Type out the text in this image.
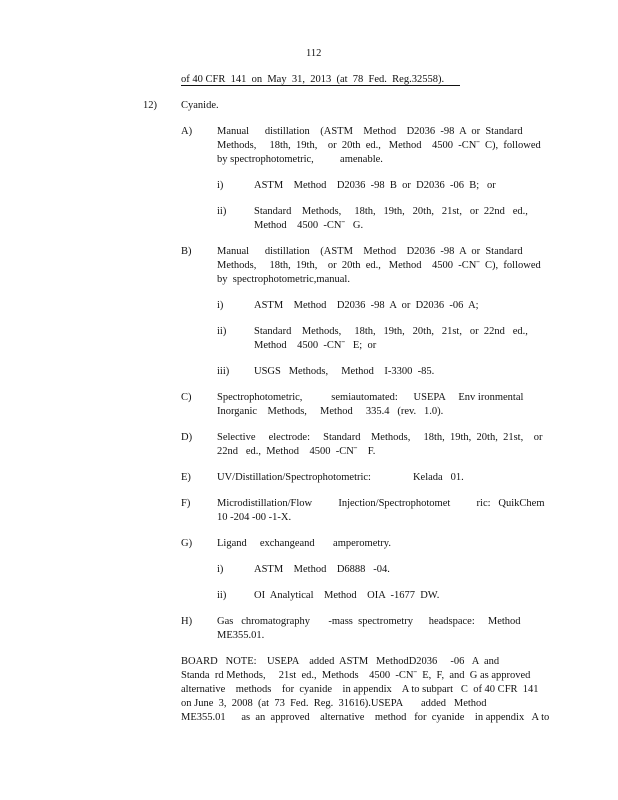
112
of 40 CFR  141  on  May  31,  2013  (at  78  Fed.  Reg.32558).
12) Cyanide.
A) Manual      distillation    (ASTM    Method    D2036  -98  A  or  Standard
Methods,     18th,  19th,    or  20th  ed.,   Method    4500  -CNˉ  C),  followed
by spectrophotometric,          amenable.
i)	ASTM    Method    D2036  -98  B  or  D2036  -06  B;   or
ii)	Standard    Methods,     18th,   19th,   20th,   21st,   or  22nd   ed.,
Method    4500  -CNˉ   G.
B) Manual      distillation    (ASTM    Method    D2036  -98  A  or  Standard
Methods,     18th,  19th,    or  20th  ed.,   Method    4500  -CNˉ  C),  followed
by  spectrophotometric,manual.
i)	ASTM    Method    D2036  -98  A  or  D2036  -06  A;
ii)	Standard    Methods,     18th,   19th,   20th,   21st,   or  22nd   ed.,
Method    4500  -CNˉ   E;  or
iii) USGS   Methods,     Method    I-3300  -85.
C) Spectrophotometric,           semiautomated:      USEPA     Env ironmental
Inorganic    Methods,     Method     335.4   (rev.   1.0).
D) Selective     electrode:     Standard    Methods,     18th,  19th,  20th,  21st,    or
22nd   ed.,  Method    4500  -CNˉ    F.
E) UV/Distillation/Spectrophotometric:                Kelada   01.
F)	Microdistillation/Flow          Injection/Spectrophotomet          ric:   QuikChem
10 -204 -00 -1-X.
G) Ligand     exchangeand       amperometry.
i)	ASTM    Method    D6888   -04.
ii)	OI  Analytical    Method    OIA  -1677  DW.
H) Gas   chromatography       -mass  spectrometry      headspace:     Method
ME355.01.
BOARD   NOTE:    USEPA    added  ASTM   MethodD2036     -06   A  and
Standa  rd Methods,     21st  ed.,  Methods    4500  -CNˉ  E,  F,  and  G as approved
alternative    methods    for  cyanide    in appendix    A to subpart   C  of 40 CFR  141
on June  3,  2008  (at  73  Fed.  Reg.  31616).USEPA       added   Method
ME355.01      as  an  approved    alternative    method   for  cyanide    in appendix   A to
